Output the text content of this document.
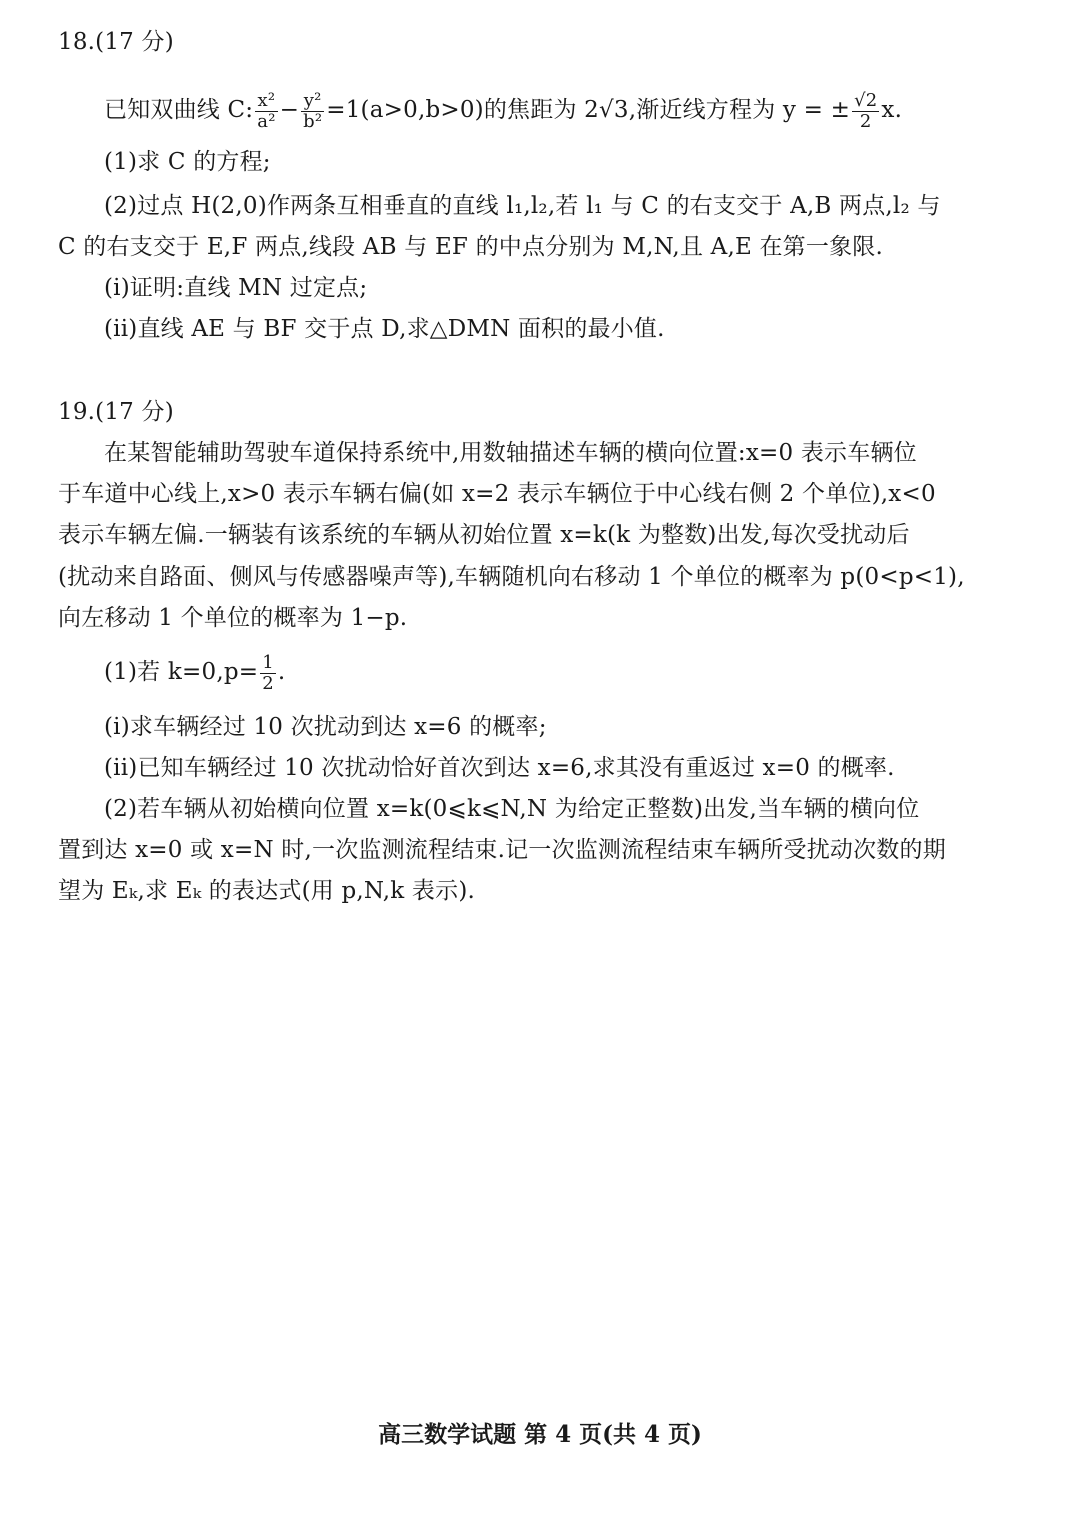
18.(17 分)
已知双曲线 C: $\frac{\text{x²}}{\text{a²}} - \frac{\text{y²}}{\text{b²}} =1(a>0,b>0)$的焦距为 2√3,渐近线方程为 y = ± $\frac{√2}{2} x$.
(1)求 C 的方程;
(2)过点 H(2,0)作两条互相垂直的直线 l₁,l₂,若 l₁ 与 C 的右支交于 A,B 两点,l₂ 与
C 的右支交于 E,F 两点,线段 AB 与 EF 的中点分别为 M,N,且 A,E 在第一象限.
(i)证明:直线 MN 过定点;
(ii)直线 AE 与 BF 交于点 D,求△DMN 面积的最小值.
19.(17 分)
在某智能辅助驾驶车道保持系统中,用数轴描述车辆的横向位置:x=0 表示车辆位
于车道中心线上,x>0 表示车辆右偏(如 x=2 表示车辆位于中心线右侧 2 个单位),x<0
表示车辆左偏.一辆装有该系统的车辆从初始位置 x=k(k 为整数)出发,每次受扰动后
(扰动来自路面、侧风与传感器噪声等),车辆随机向右移动 1 个单位的概率为 p(0<p<1),
向左移动 1 个单位的概率为 1−p.
(1)若 $k=0,p= \frac{1}{2}$ .
(i)求车辆经过 10 次扰动到达 x=6 的概率;
(ii)已知车辆经过 10 次扰动恰好首次到达 x=6,求其没有重返过 x=0 的概率.
(2)若车辆从初始横向位置 x=k(0⩽k⩽N,N 为给定正整数)出发,当车辆的横向位
置到达 x=0 或 x=N 时,一次监测流程结束.记一次监测流程结束车辆所受扰动次数的期
望为 Eₖ,求 Eₖ 的表达式(用 p,N,k 表示).
高三数学试题 第 4 页(共 4 页)
